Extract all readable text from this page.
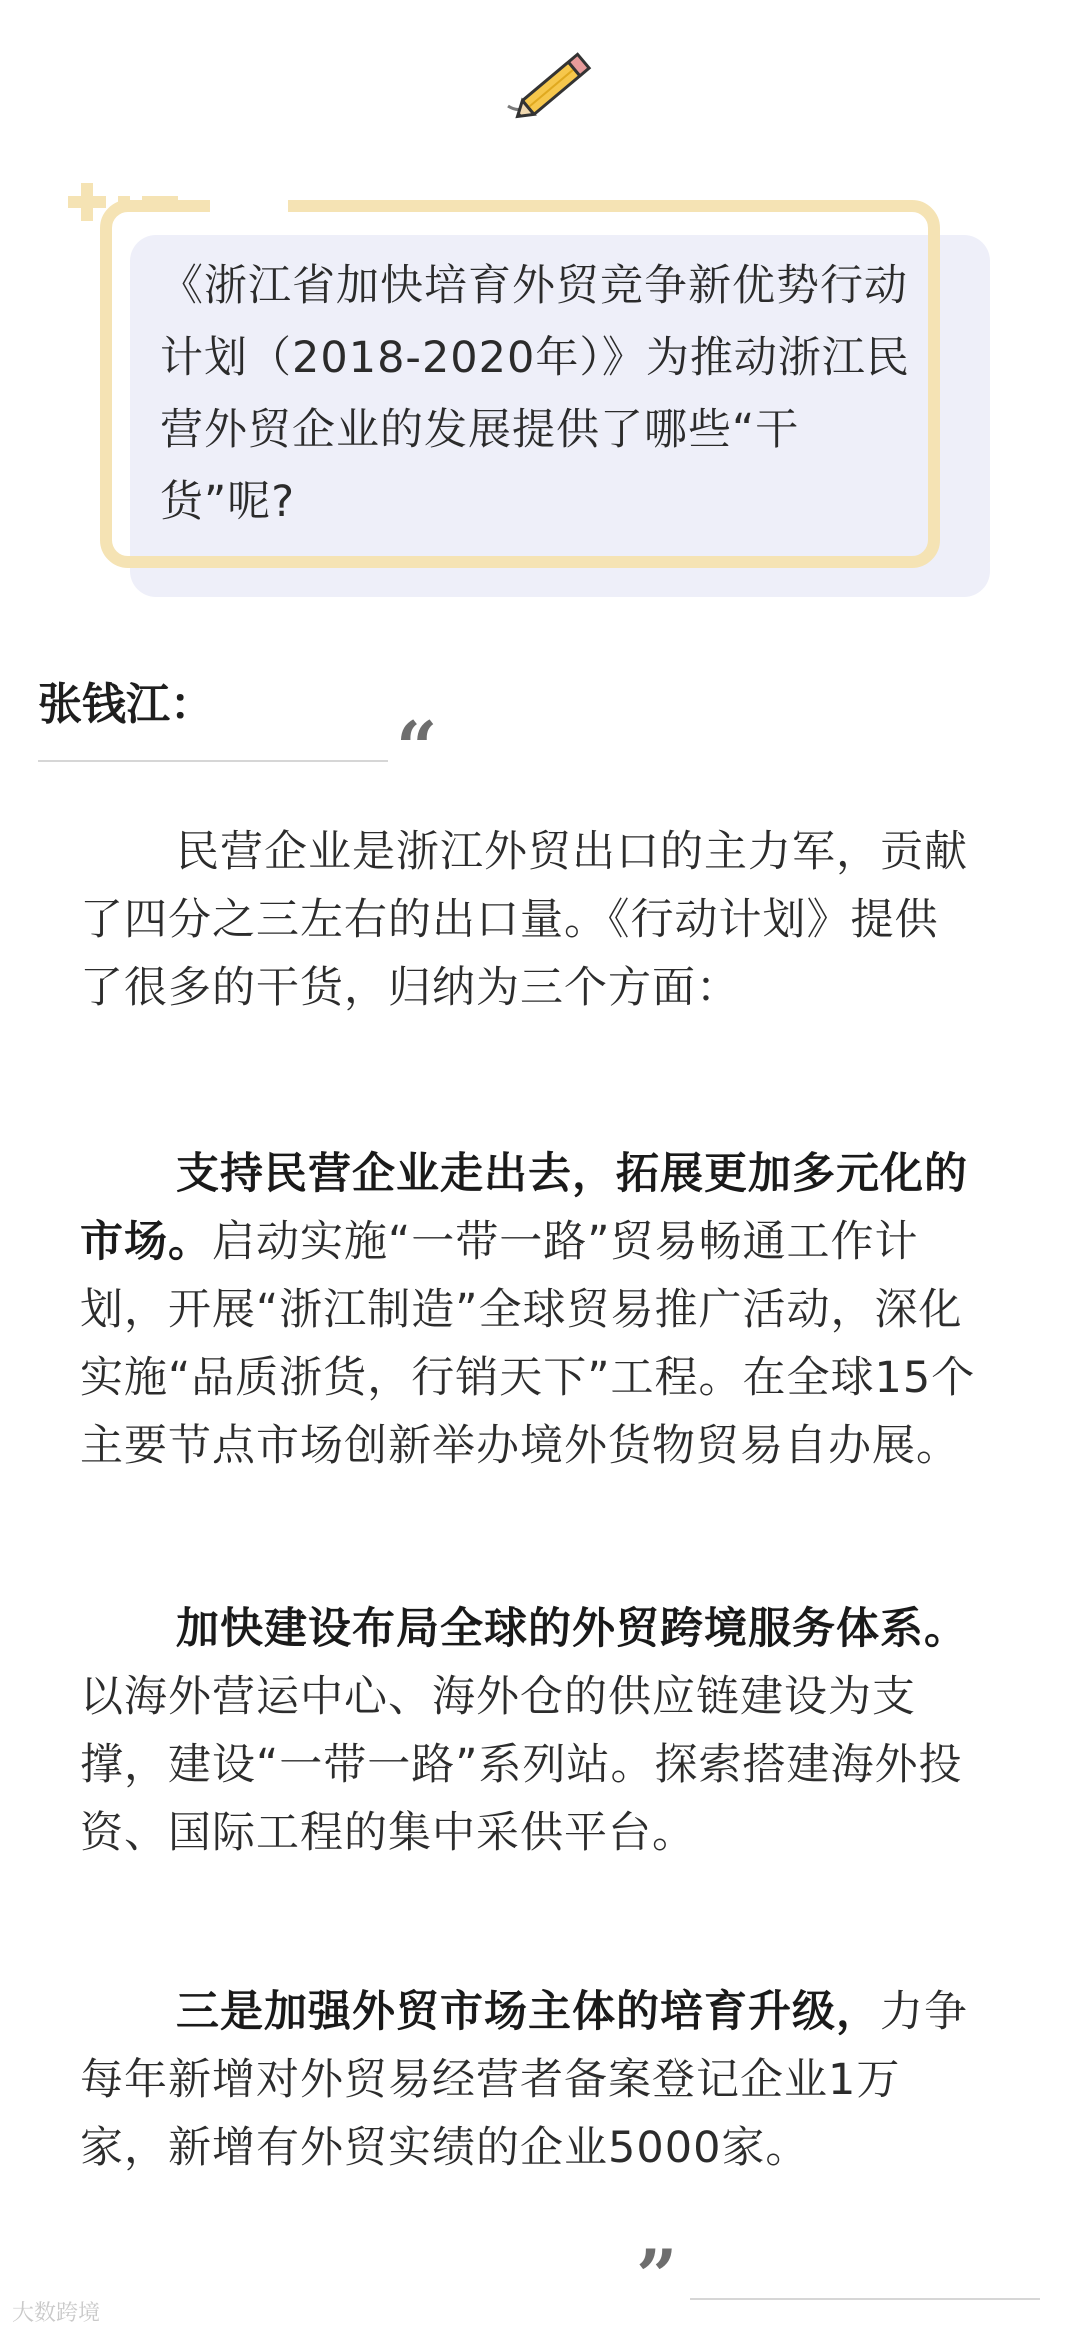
《浙江省加快培育外贸竞争新优势行动计划（2018-2020年）》为推动浙江民营外贸企业的发展提供了哪些“干货”呢?

张钱江：
“

民营企业是浙江外贸出口的主力军，贡献了四分之三左右的出口量。《行动计划》提供了很多的干货，归纳为三个方面：

支持民营企业走出去，拓展更加多元化的市场。启动实施“一带一路”贸易畅通工作计划，开展“浙江制造”全球贸易推广活动，深化实施“品质浙货，行销天下”工程。在全球15个主要节点市场创新举办境外货物贸易自办展。

加快建设布局全球的外贸跨境服务体系。以海外营运中心、海外仓的供应链建设为支撑，建设“一带一路”系列站。探索搭建海外投资、国际工程的集中采供平台。

三是加强外贸市场主体的培育升级，力争每年新增对外贸易经营者备案登记企业1万家，新增有外贸实绩的企业5000家。

”
大数跨境
